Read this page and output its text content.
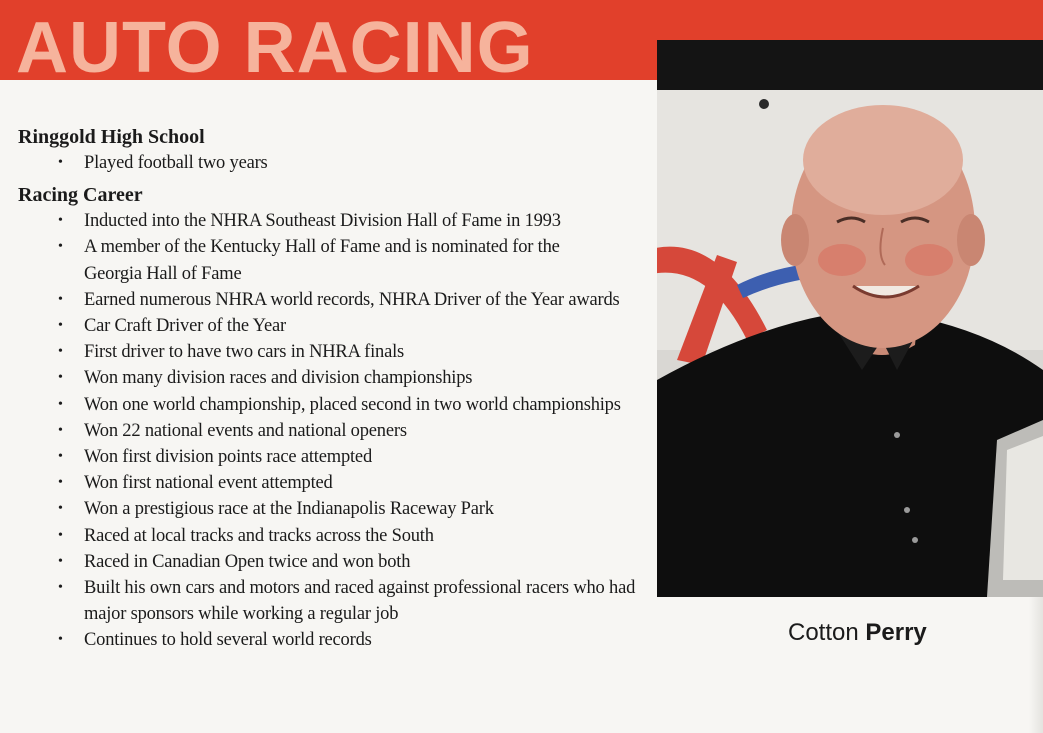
AUTO RACING
Ringgold High School
• Played football two years
Racing Career
• Inducted into the NHRA Southeast Division Hall of Fame in 1993
• A member of the Kentucky Hall of Fame and is nominated for the
Georgia Hall of Fame
• Earned numerous NHRA world records, NHRA Driver of the Year awards
• Car Craft Driver of the Year
• First driver to have two cars in NHRA finals
• Won many division races and division championships
• Won one world championship, placed second in two world championships
• Won 22 national events and national openers
• Won first division points race attempted
• Won first national event attempted
• Won a prestigious race at the Indianapolis Raceway Park
• Raced at local tracks and tracks across the South
• Raced in Canadian Open twice and won both
• Built his own cars and motors and raced against professional racers who had
major sponsors while working a regular job
• Continues to hold several world records	Cotton Perry
